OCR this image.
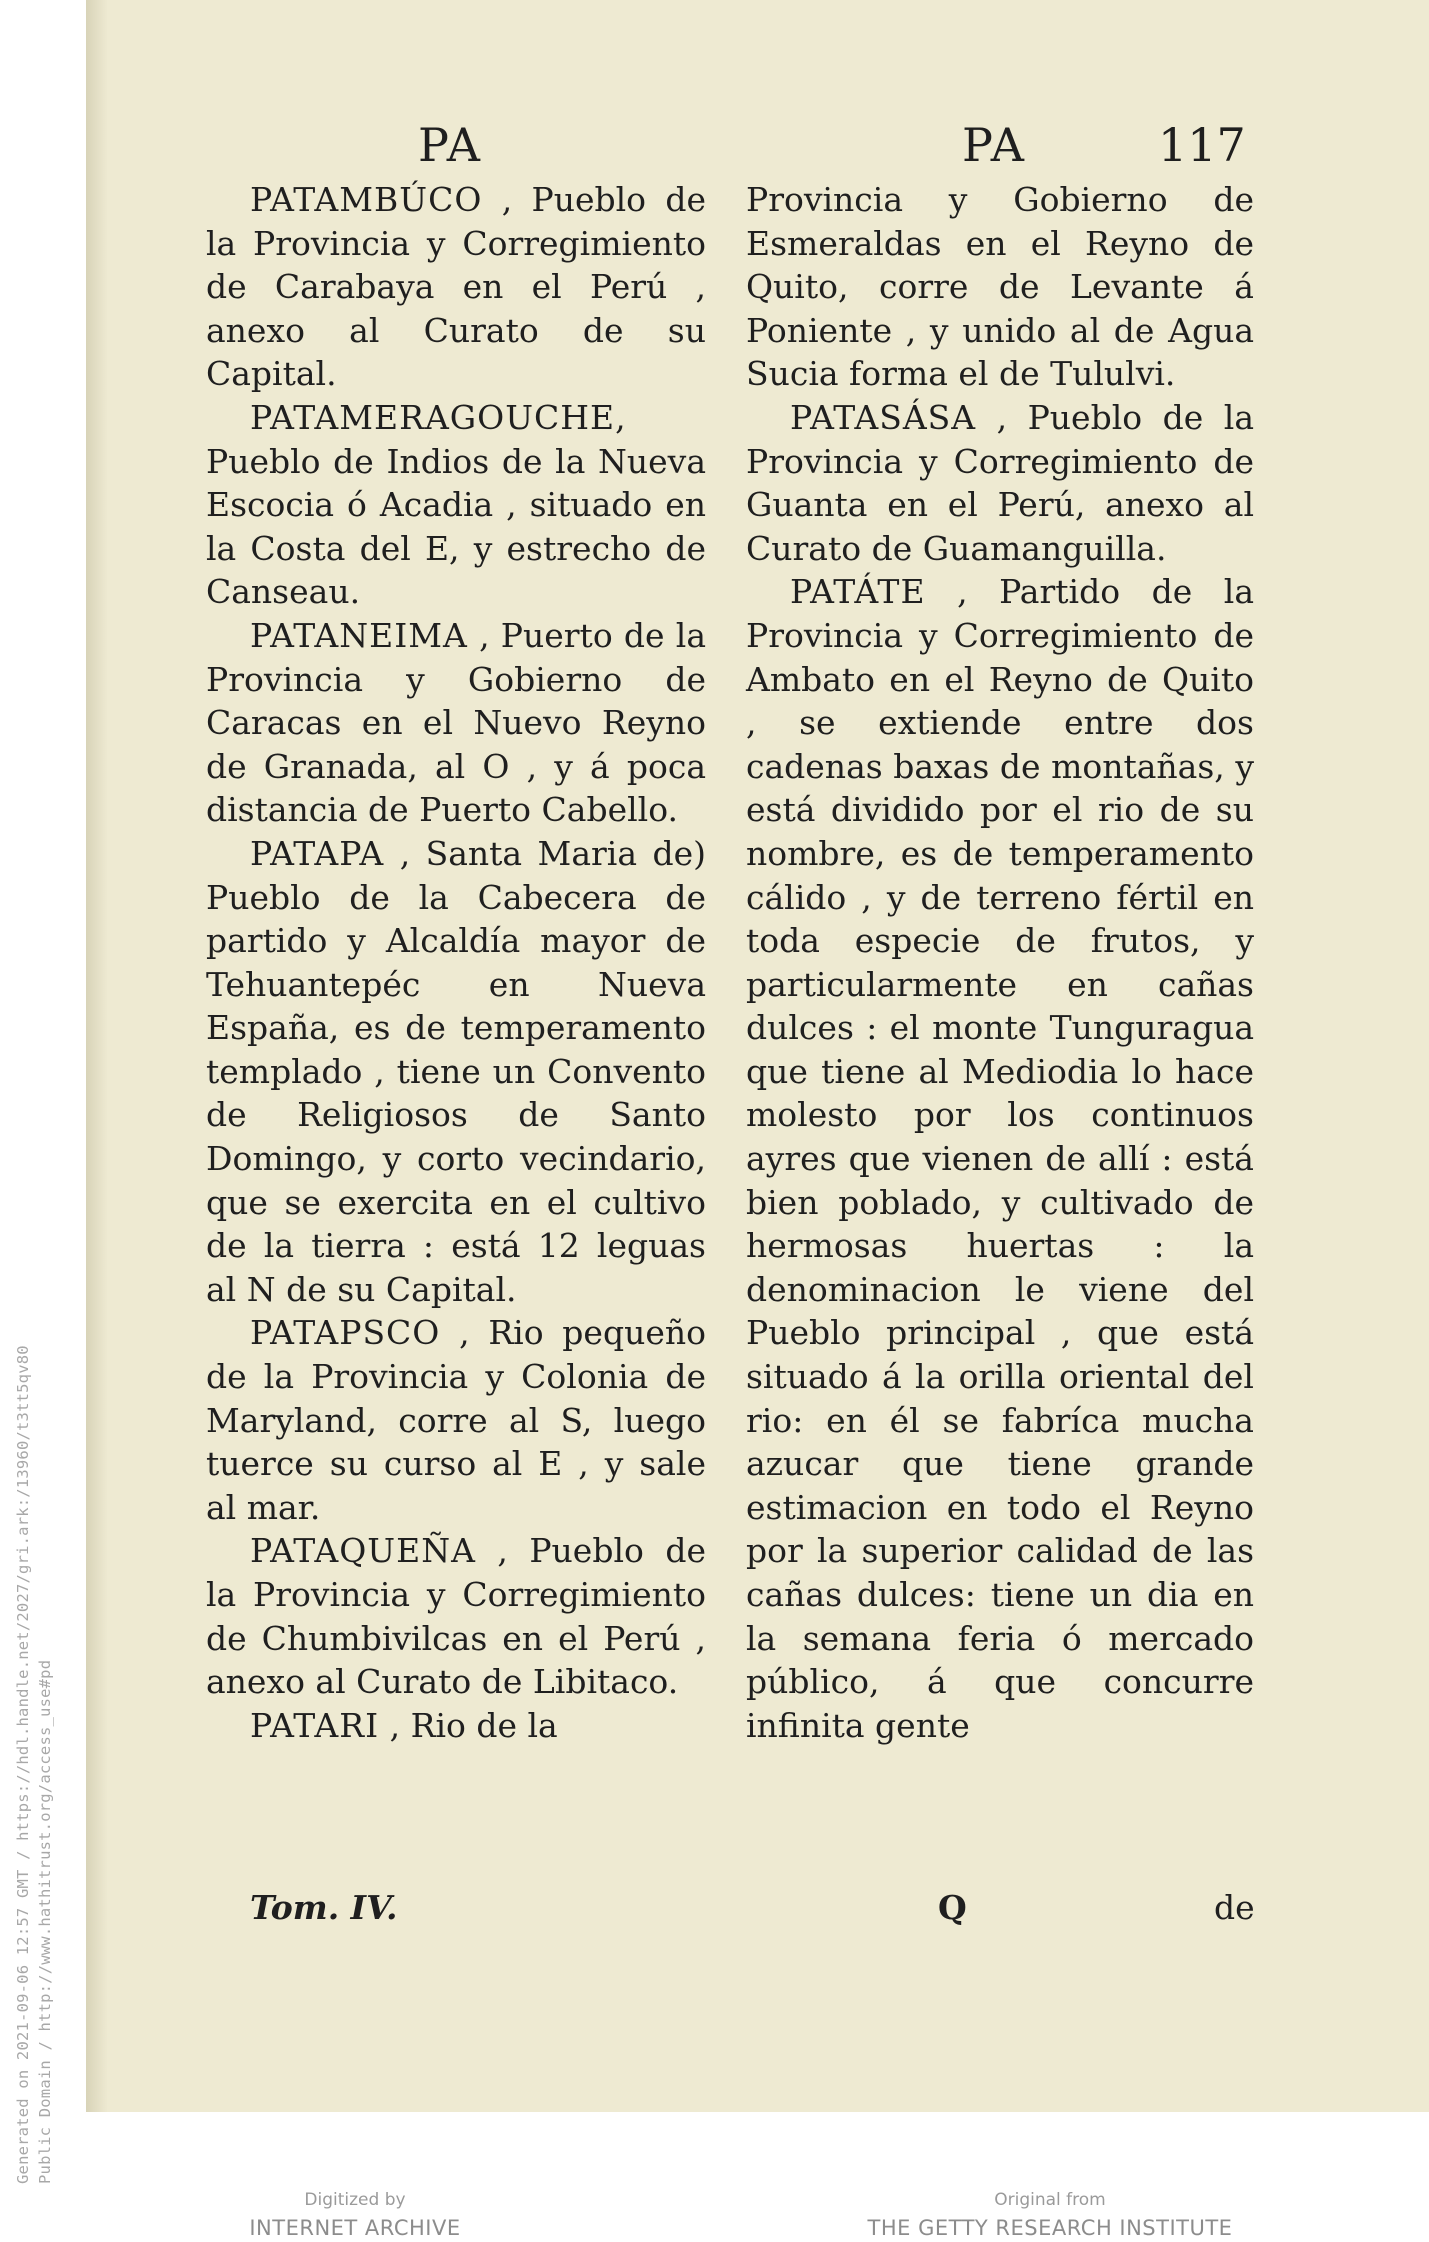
Generated on 2021-09-06 12:57 GMT / https://hdl.handle.net/2027/gri.ark:/13960/t3tt5qv80 Public Domain / http://www.hathitrust.org/access_use#pd
PA	PA	117

PATAMBÚCO , Pueblo de la Provincia y Corregimiento de Carabaya en el Perú , anexo al Curato de su Capital.

PATAMERAGOUCHE, Pueblo de Indios de la Nueva Escocia ó Acadia , situado en la Costa del E, y estrecho de Canseau.

PATANEIMA , Puerto de la Provincia y Gobierno de Caracas en el Nuevo Reyno de Granada, al O , y á poca distancia de Puerto Cabello.

PATAPA , Santa Maria de) Pueblo de la Cabecera de partido y Alcaldía mayor de Tehuantepéc en Nueva España, es de temperamento templado , tiene un Convento de Religiosos de Santo Domingo, y corto vecindario, que se exercita en el cultivo de la tierra : está 12 leguas al N de su Capital.

PATAPSCO , Rio pequeño de la Provincia y Colonia de Maryland, corre al S, luego tuerce su curso al E , y sale al mar.

PATAQUEÑA , Pueblo de la Provincia y Corregimiento de Chumbivilcas en el Perú , anexo al Curato de Libitaco.

PATARI , Rio de la

Provincia y Gobierno de Esmeraldas en el Reyno de Quito, corre de Levante á Poniente , y unido al de Agua Sucia forma el de Tululvi.

PATASÁSA , Pueblo de la Provincia y Corregimiento de Guanta en el Perú, anexo al Curato de Guamanguilla.

PATÁTE , Partido de la Provincia y Corregimiento de Ambato en el Reyno de Quito , se extiende entre dos cadenas baxas de montañas, y está dividido por el rio de su nombre, es de temperamento cálido , y de terreno fértil en toda especie de frutos, y particularmente en cañas dulces : el monte Tunguragua que tiene al Mediodia lo hace molesto por los continuos ayres que vienen de allí : está bien poblado, y cultivado de hermosas huertas : la denominacion le viene del Pueblo principal , que está situado á la orilla oriental del rio: en él se fabríca mucha azucar que tiene grande estimacion en todo el Reyno por la superior calidad de las cañas dulces: tiene un dia en la semana feria ó mercado público, á que concurre infinita gente

Tom. IV.	Q	de
Digitized by
INTERNET ARCHIVE
Original from
THE GETTY RESEARCH INSTITUTE
